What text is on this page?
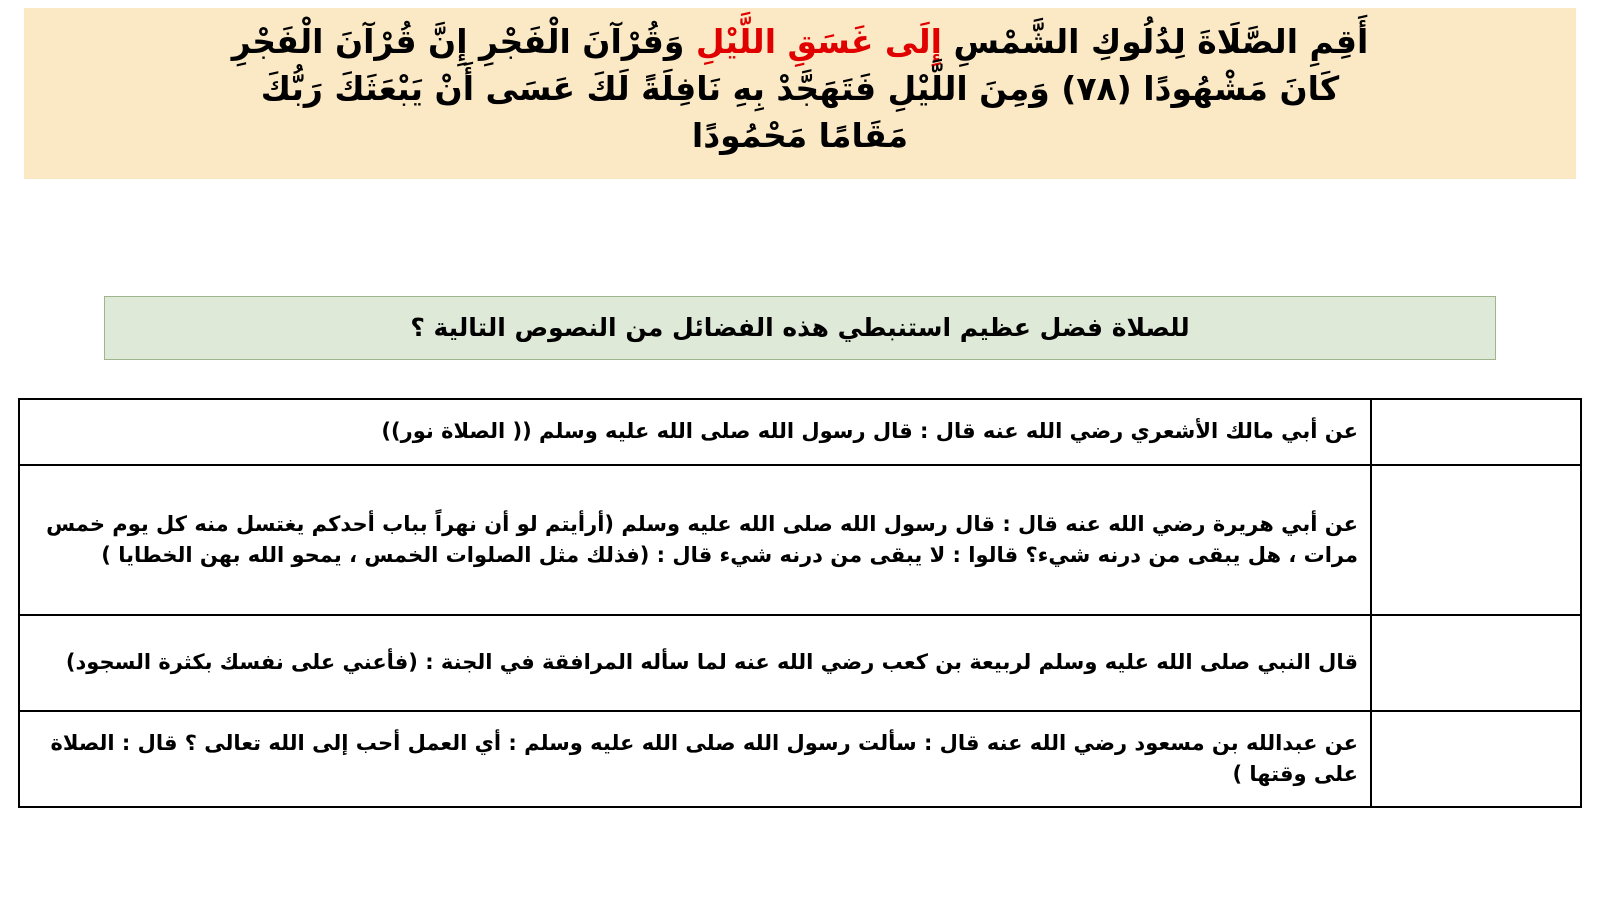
أَقِمِ الصَّلَاةَ لِدُلُوكِ الشَّمْسِ إِلَى غَسَقِ اللَّيْلِ وَقُرْآنَ الْفَجْرِ إِنَّ قُرْآنَ الْفَجْرِ
كَانَ مَشْهُودًا (٧٨) وَمِنَ اللَّيْلِ فَتَهَجَّدْ بِهِ نَافِلَةً لَكَ عَسَى أَنْ يَبْعَثَكَ رَبُّكَ
مَقَامًا مَحْمُودًا
للصلاة فضل عظيم استنبطي هذه الفضائل من النصوص التالية ؟

	عن أبي مالك الأشعري رضي الله عنه قال : قال رسول الله صلى الله عليه وسلم (( الصلاة نور))

	عن أبي هريرة رضي الله عنه قال : قال رسول الله صلى الله عليه وسلم (أرأيتم لو أن نهراً بباب أحدكم يغتسل منه كل يوم خمس مرات ، هل يبقى من درنه شيء؟ قالوا : لا يبقى من درنه شيء قال : (فذلك مثل الصلوات الخمس ، يمحو الله بهن الخطايا )

	قال النبي صلى الله عليه وسلم لربيعة بن كعب رضي الله عنه لما سأله المرافقة في الجنة : (فأعني على نفسك بكثرة السجود)

	عن عبدالله بن مسعود رضي الله عنه قال : سألت رسول الله صلى الله عليه وسلم : أي العمل أحب إلى الله تعالى ؟ قال : الصلاة على وقتها )
